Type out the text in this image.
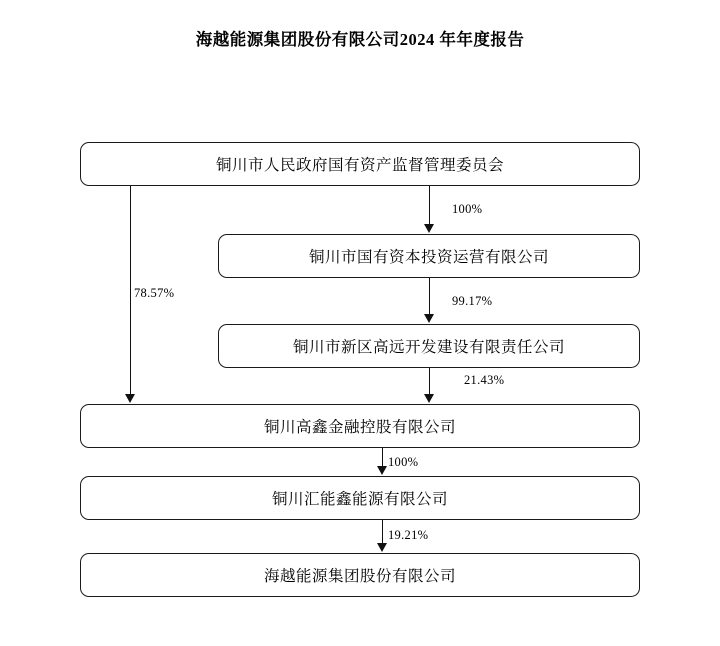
海越能源集团股份有限公司2024 年年度报告
铜川市人民政府国有资产监督管理委员会
铜川市国有资本投资运营有限公司
铜川市新区高远开发建设有限责任公司
铜川高鑫金融控股有限公司
铜川汇能鑫能源有限公司
海越能源集团股份有限公司
78.57%
100%
99.17%
21.43%
100%
19.21%
